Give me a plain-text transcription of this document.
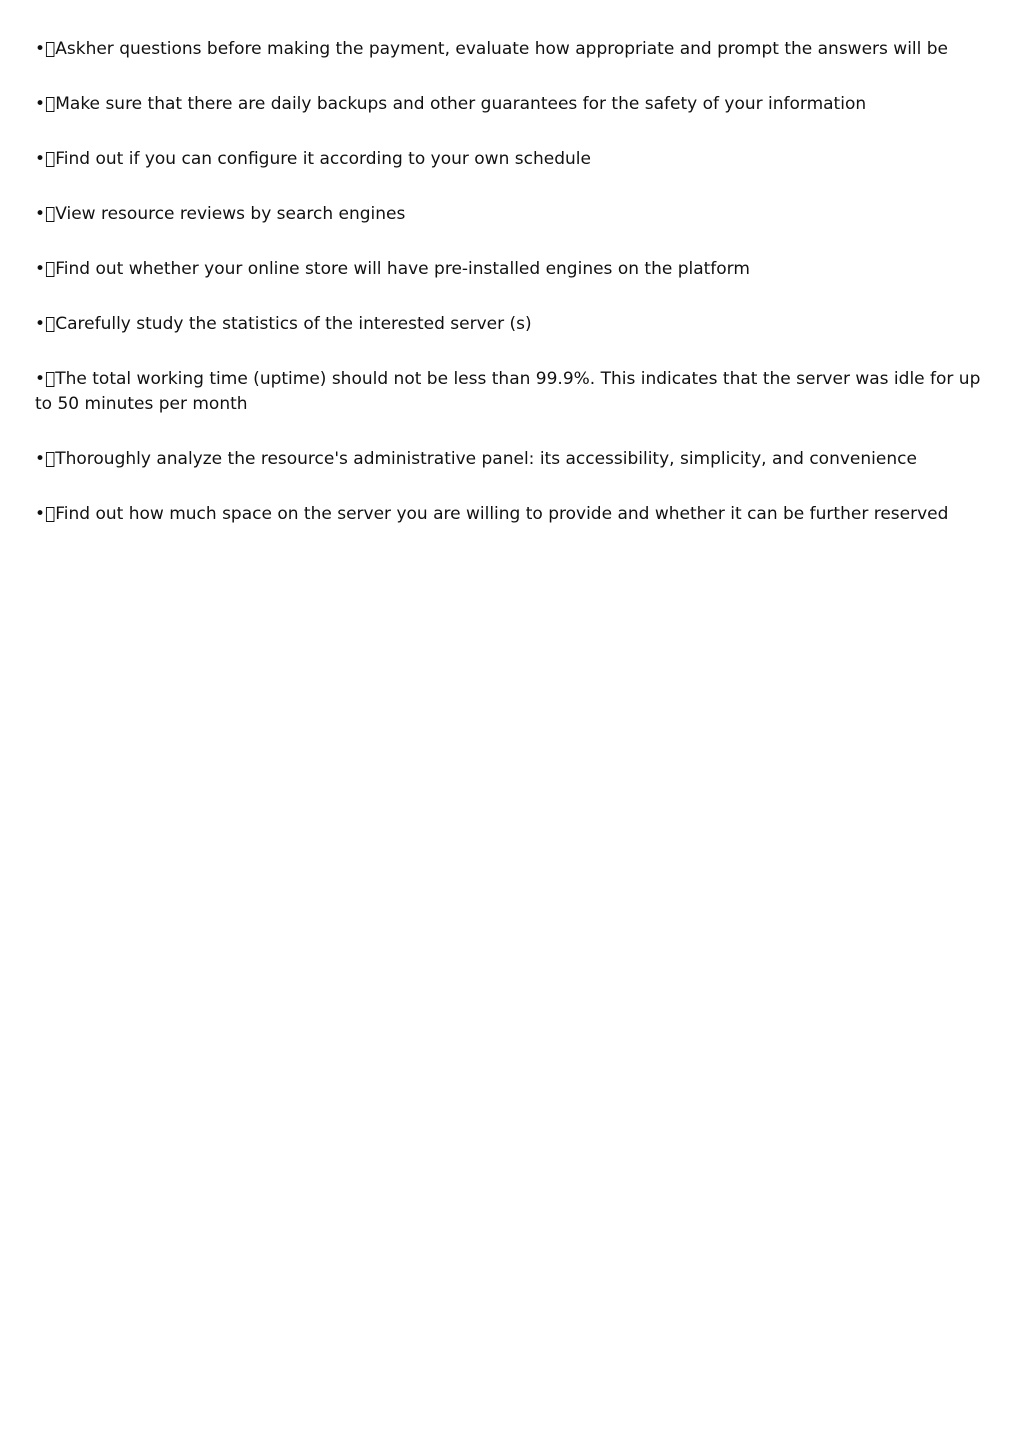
• Askher questions before making the payment, evaluate how appropriate and prompt the answers will be

• Make sure that there are daily backups and other guarantees for the safety of your information

• Find out if you can configure it according to your own schedule

• View resource reviews by search engines

• Find out whether your online store will have pre-installed engines on the platform

• Carefully study the statistics of the interested server (s)

• The total working time (uptime) should not be less than 99.9%. This indicates that the server was idle for up to 50 minutes per month

• Thoroughly analyze the resource's administrative panel: its accessibility, simplicity, and convenience

• Find out how much space on the server you are willing to provide and whether it can be further reserved
